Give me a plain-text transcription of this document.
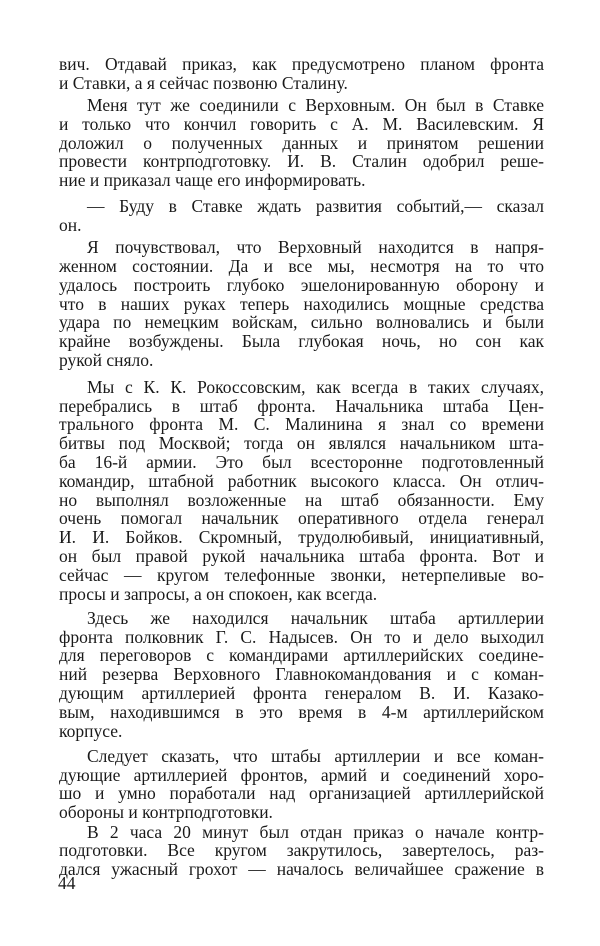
вич. Отдавай приказ, как предусмотрено планом фронта
и Ставки, а я сейчас позвоню Сталину.
Меня тут же соединили с Верховным. Он был в Ставке
и только что кончил говорить с А. М. Василевским. Я
доложил о полученных данных и принятом решении
провести контрподготовку. И. В. Сталин одобрил реше-
ние и приказал чаще его информировать.
— Буду в Ставке ждать развития событий,— сказал
он.
Я почувствовал, что Верховный находится в напря-
женном состоянии. Да и все мы, несмотря на то что
удалось построить глубоко эшелонированную оборону и
что в наших руках теперь находились мощные средства
удара по немецким войскам, сильно волновались и были
крайне возбуждены. Была глубокая ночь, но сон как
рукой сняло.
Мы с К. К. Рокоссовским, как всегда в таких случаях,
перебрались в штаб фронта. Начальника штаба Цен-
трального фронта М. С. Малинина я знал со времени
битвы под Москвой; тогда он являлся начальником шта-
ба 16-й армии. Это был всесторонне подготовленный
командир, штабной работник высокого класса. Он отлич-
но выполнял возложенные на штаб обязанности. Ему
очень помогал начальник оперативного отдела генерал
И. И. Бойков. Скромный, трудолюбивый, инициативный,
он был правой рукой начальника штаба фронта. Вот и
сейчас — кругом телефонные звонки, нетерпеливые во-
просы и запросы, а он спокоен, как всегда.
Здесь же находился начальник штаба артиллерии
фронта полковник Г. С. Надысев. Он то и дело выходил
для переговоров с командирами артиллерийских соедине-
ний резерва Верховного Главнокомандования и с коман-
дующим артиллерией фронта генералом В. И. Казако-
вым, находившимся в это время в 4-м артиллерийском
корпусе.
Следует сказать, что штабы артиллерии и все коман-
дующие артиллерией фронтов, армий и соединений хоро-
шо и умно поработали над организацией артиллерийской
обороны и контрподготовки.
В 2 часа 20 минут был отдан приказ о начале контр-
подготовки. Все кругом закрутилось, завертелось, раз-
дался ужасный грохот — началось величайшее сражение в
44
